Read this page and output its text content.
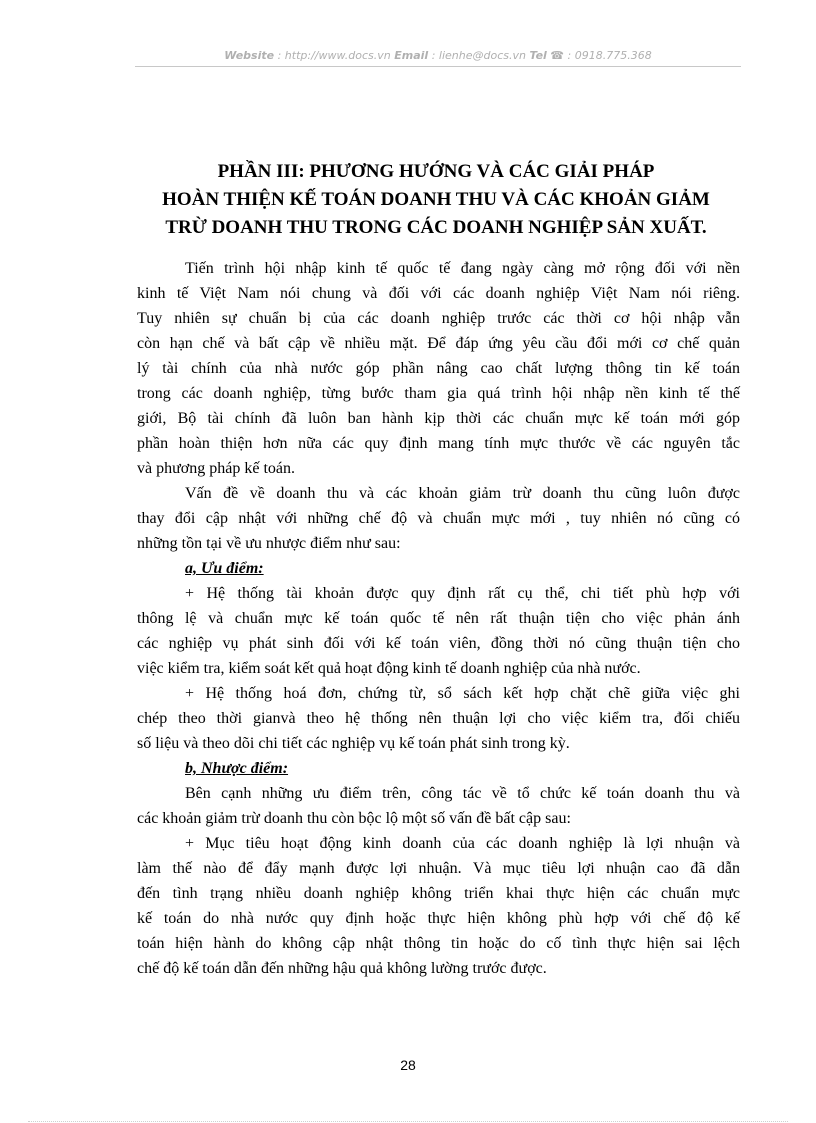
Website : http://www.docs.vn Email : lienhe@docs.vn Tel ☎ : 0918.775.368
PHẦN III: PHƯƠNG HƯỚNG VÀ CÁC GIẢI PHÁP
HOÀN THIỆN KẾ TOÁN DOANH THU VÀ CÁC KHOẢN GIẢM
TRỪ DOANH THU TRONG CÁC DOANH NGHIỆP SẢN XUẤT.
Tiến trình hội nhập kinh tế quốc tế đang ngày càng mở rộng đối với nền
kinh tế Việt Nam nói chung và đối với các doanh nghiệp Việt Nam nói riêng.
Tuy nhiên sự chuẩn bị của các doanh nghiệp trước các thời cơ hội nhập vẫn
còn hạn chế và bất cập về nhiều mặt. Để đáp ứng yêu cầu đổi mới cơ chế quản
lý tài chính của nhà nước góp phần nâng cao chất lượng thông tin kế toán
trong các doanh nghiệp, từng bước tham gia quá trình hội nhập nền kinh tế thế
giới, Bộ tài chính đã luôn ban hành kịp thời các chuẩn mực kế toán mới góp
phần hoàn thiện hơn nữa các quy định mang tính mực thước về các nguyên tắc
và phương pháp kế toán.
Vấn đề về doanh thu và các khoản giảm trừ doanh thu cũng luôn được
thay đổi cập nhật với những chế độ và chuẩn mực mới , tuy nhiên nó cũng có
những tồn tại về ưu nhược điểm như sau:
a, Ưu điểm:
+ Hệ thống tài khoản được quy định rất cụ thể, chi tiết phù hợp với
thông lệ và chuẩn mực kế toán quốc tế nên rất thuận tiện cho việc phản ánh
các nghiệp vụ phát sinh đối với kế toán viên, đồng thời nó cũng thuận tiện cho
việc kiểm tra, kiểm soát kết quả hoạt động kinh tế doanh nghiệp của nhà nước.
+ Hệ thống hoá đơn, chứng từ, sổ sách kết hợp chặt chẽ giữa việc ghi
chép theo thời gianvà theo hệ thống nên thuận lợi cho việc kiểm tra, đối chiếu
số liệu và theo dõi chi tiết các nghiệp vụ kế toán phát sinh trong kỳ.
b, Nhược điểm:
Bên cạnh những ưu điểm trên, công tác về tổ chức kế toán doanh thu và
các khoản giảm trừ doanh thu còn bộc lộ một số vấn đề bất cập sau:
+ Mục tiêu hoạt động kinh doanh của các doanh nghiệp là lợi nhuận và
làm thế nào để đẩy mạnh được lợi nhuận. Và mục tiêu lợi nhuận cao đã dẫn
đến tình trạng nhiều doanh nghiệp không triển khai thực hiện các chuẩn mực
kế toán do nhà nước quy định hoặc thực hiện không phù hợp với chế độ kế
toán hiện hành do không cập nhật thông tin hoặc do cố tình thực hiện sai lệch
chế độ kế toán dẫn đến những hậu quả không lường trước được.
28
